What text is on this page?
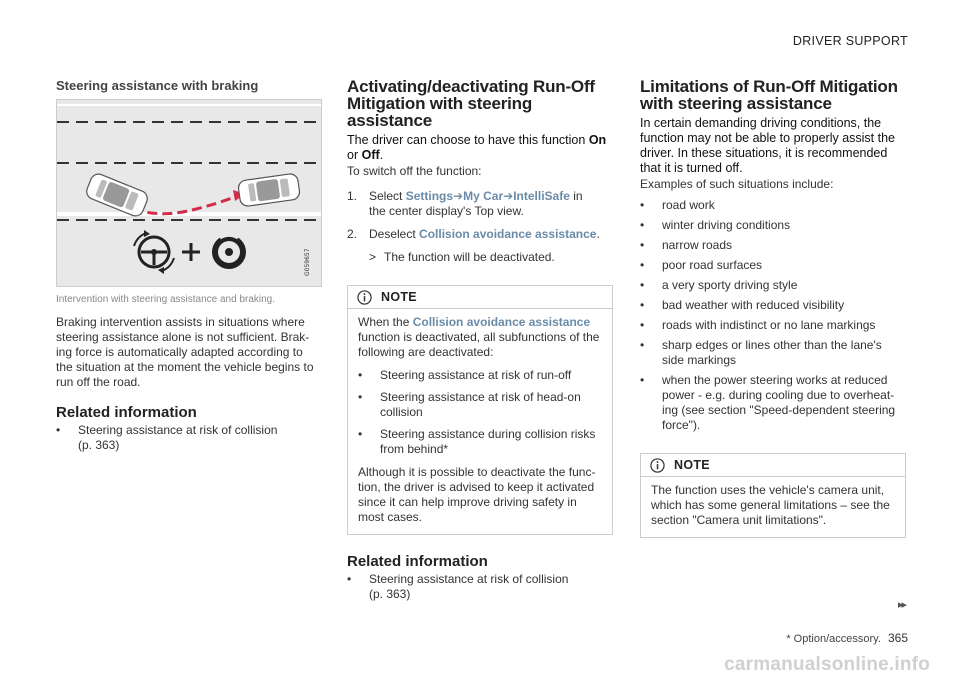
DRIVER SUPPORT
Steering assistance with braking
G059657
Intervention with steering assistance and braking.
Braking intervention assists in situations where
steering assistance alone is not sufficient. Brak-
ing force is automatically adapted according to
the situation at the moment the vehicle begins to
run off the road.
Related information
•	Steering assistance at risk of collision
(p. 363)
Activating/deactivating Run-Off
Mitigation with steering assistance
The driver can choose to have this function On
or Off.
To switch off the function:
1. Select Settings➔My Car➔IntelliSafe in
the center display's Top view.
2. Deselect Collision avoidance assistance.
> The function will be deactivated.
NOTE
When the Collision avoidance assistance
function is deactivated, all subfunctions of the
following are deactivated:
•	Steering assistance at risk of run-off
•	Steering assistance at risk of head-on
collision
•	Steering assistance during collision risks
from behind*
Although it is possible to deactivate the func-
tion, the driver is advised to keep it activated
since it can help improve driving safety in
most cases.
Related information
•	Steering assistance at risk of collision
(p. 363)
Limitations of Run-Off Mitigation
with steering assistance
In certain demanding driving conditions, the
function may not be able to properly assist the
driver. In these situations, it is recommended
that it is turned off.
Examples of such situations include:
•	road work
•	winter driving conditions
•	narrow roads
•	poor road surfaces
•	a very sporty driving style
•	bad weather with reduced visibility
•	roads with indistinct or no lane markings
•	sharp edges or lines other than the lane's
side markings
•	when the power steering works at reduced
power - e.g. during cooling due to overheat-
ing (see section "Speed-dependent steering
force").
NOTE
The function uses the vehicle's camera unit,
which has some general limitations – see the
section "Camera unit limitations".
▸▸
* Option/accessory. 365
carmanualsonline.info
